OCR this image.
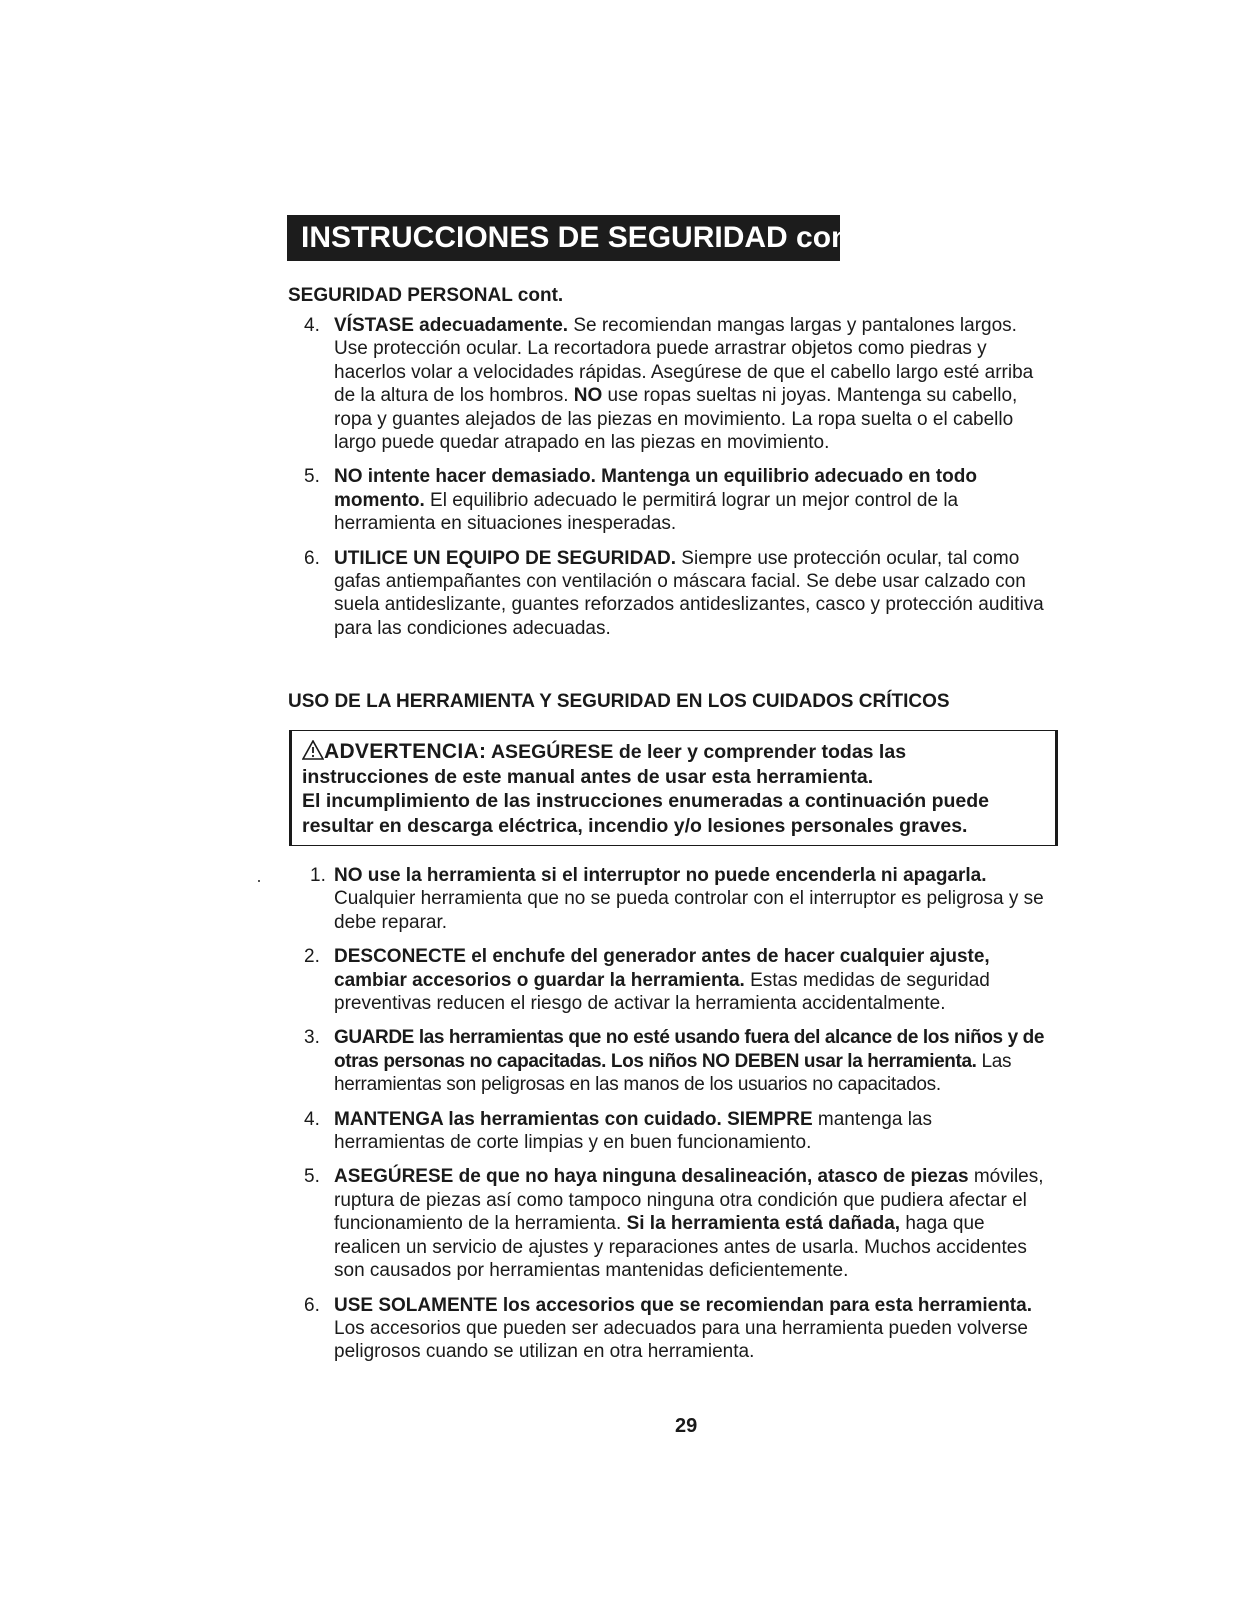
INSTRUCCIONES DE SEGURIDAD cont.
SEGURIDAD PERSONAL cont.
4. VÍSTASE adecuadamente. Se recomiendan mangas largas y pantalones largos. Use protección ocular. La recortadora puede arrastrar objetos como piedras y hacerlos volar a velocidades rápidas. Asegúrese de que el cabello largo esté arriba de la altura de los hombros. NO use ropas sueltas ni joyas. Mantenga su cabello, ropa y guantes alejados de las piezas en movimiento. La ropa suelta o el cabello largo puede quedar atrapado en las piezas en movimiento.
5. NO intente hacer demasiado. Mantenga un equilibrio adecuado en todo momento. El equilibrio adecuado le permitirá lograr un mejor control de la herramienta en situaciones inesperadas.
6. UTILICE UN EQUIPO DE SEGURIDAD. Siempre use protección ocular, tal como gafas antiempañantes con ventilación o máscara facial. Se debe usar calzado con suela antideslizante, guantes reforzados antideslizantes, casco y protección auditiva para las condiciones adecuadas.
USO DE LA HERRAMIENTA Y SEGURIDAD EN LOS CUIDADOS CRÍTICOS
ADVERTENCIA: ASEGÚRESE de leer y comprender todas las
instrucciones de este manual antes de usar esta herramienta.
El incumplimiento de las instrucciones enumeradas a continuación puede
resultar en descarga eléctrica, incendio y/o lesiones personales graves.
1. NO use la herramienta si el interruptor no puede encenderla ni apagarla. Cualquier herramienta que no se pueda controlar con el interruptor es peligrosa y se debe reparar.
2. DESCONECTE el enchufe del generador antes de hacer cualquier ajuste, cambiar accesorios o guardar la herramienta. Estas medidas de seguridad preventivas reducen el riesgo de activar la herramienta accidentalmente.
3. GUARDE las herramientas que no esté usando fuera del alcance de los niños y de otras personas no capacitadas. Los niños NO DEBEN usar la herramienta. Las herramientas son peligrosas en las manos de los usuarios no capacitados.
4. MANTENGA las herramientas con cuidado. SIEMPRE mantenga las herramientas de corte limpias y en buen funcionamiento.
5. ASEGÚRESE de que no haya ninguna desalineación, atasco de piezas móviles, ruptura de piezas así como tampoco ninguna otra condición que pudiera afectar el funcionamiento de la herramienta. Si la herramienta está dañada, haga que realicen un servicio de ajustes y reparaciones antes de usarla. Muchos accidentes son causados por herramientas mantenidas deficientemente.
6. USE SOLAMENTE los accesorios que se recomiendan para esta herramienta. Los accesorios que pueden ser adecuados para una herramienta pueden volverse peligrosos cuando se utilizan en otra herramienta.
29
